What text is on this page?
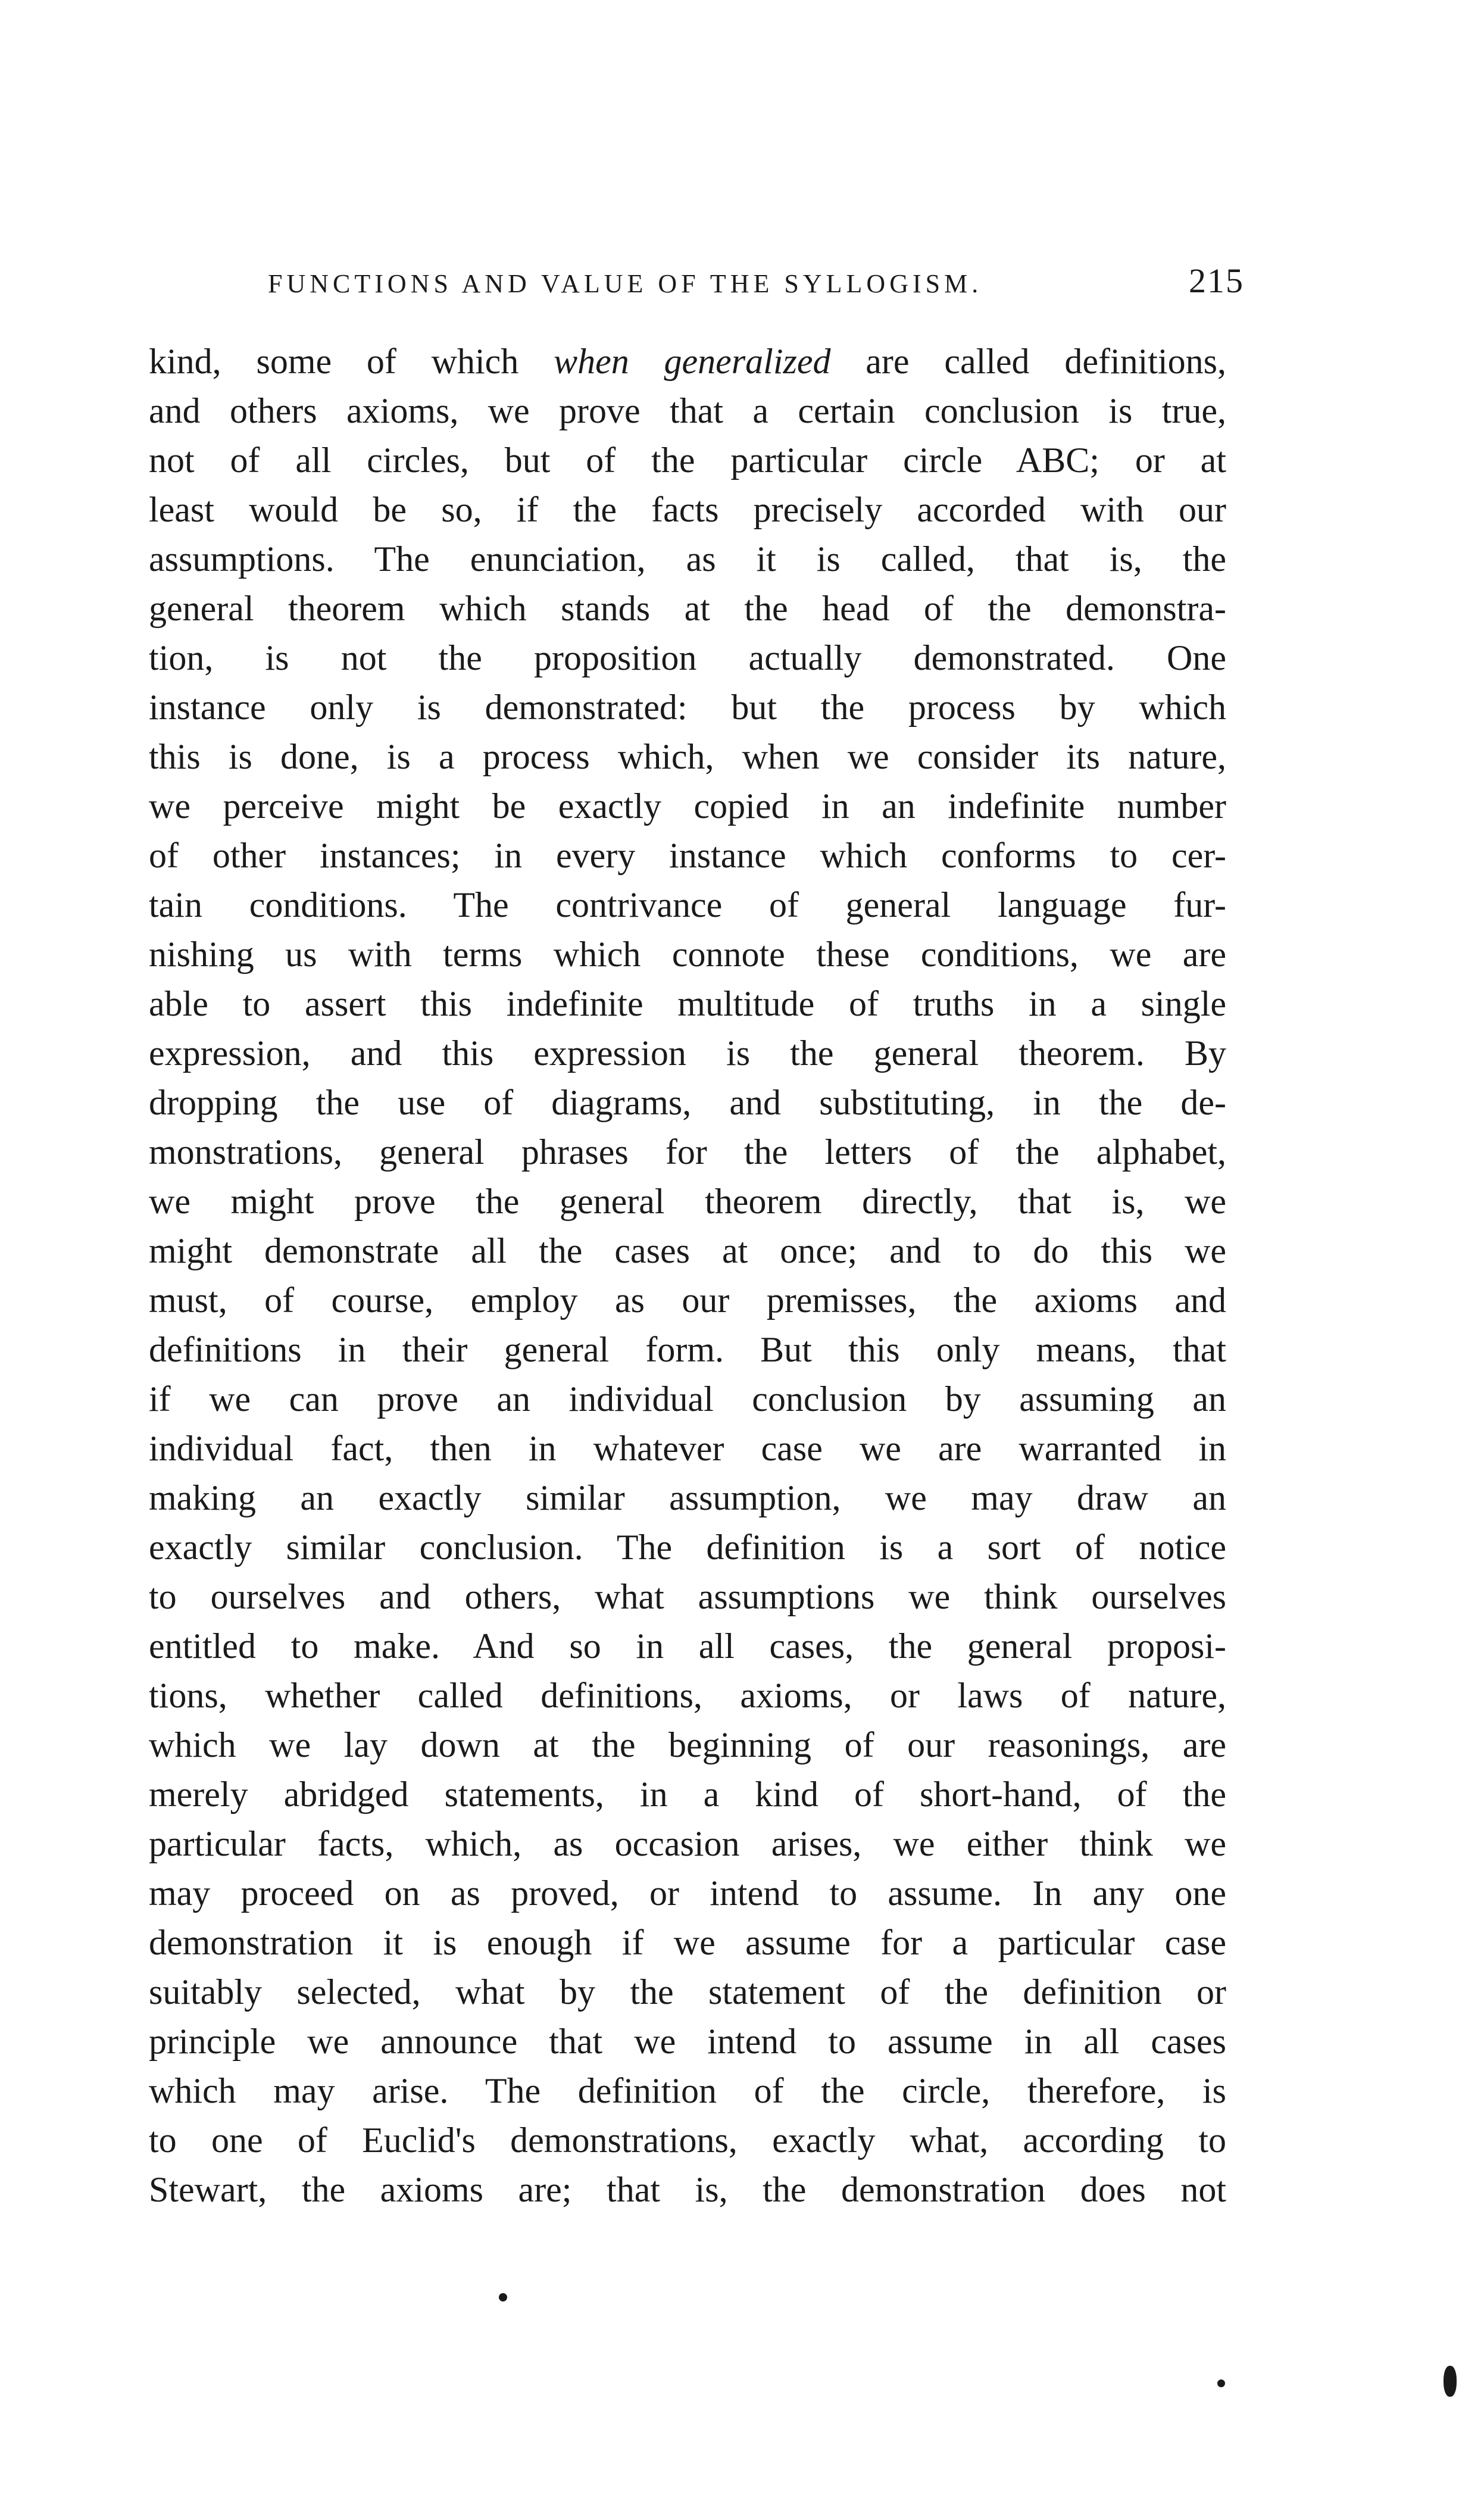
FUNCTIONS AND VALUE OF THE SYLLOGISM.	215
kind, some of which when generalized are called definitions,
and others axioms, we prove that a certain conclusion is true,
not of all circles, but of the particular circle ABC; or at
least would be so, if the facts precisely accorded with our
assumptions. The enunciation, as it is called, that is, the
general theorem which stands at the head of the demonstra-
tion, is not the proposition actually demonstrated. One
instance only is demonstrated: but the process by which
this is done, is a process which, when we consider its nature,
we perceive might be exactly copied in an indefinite number
of other instances; in every instance which conforms to cer-
tain conditions. The contrivance of general language fur-
nishing us with terms which connote these conditions, we are
able to assert this indefinite multitude of truths in a single
expression, and this expression is the general theorem. By
dropping the use of diagrams, and substituting, in the de-
monstrations, general phrases for the letters of the alphabet,
we might prove the general theorem directly, that is, we
might demonstrate all the cases at once; and to do this we
must, of course, employ as our premisses, the axioms and
definitions in their general form. But this only means, that
if we can prove an individual conclusion by assuming an
individual fact, then in whatever case we are warranted in
making an exactly similar assumption, we may draw an
exactly similar conclusion. The definition is a sort of notice
to ourselves and others, what assumptions we think ourselves
entitled to make. And so in all cases, the general proposi-
tions, whether called definitions, axioms, or laws of nature,
which we lay down at the beginning of our reasonings, are
merely abridged statements, in a kind of short-hand, of the
particular facts, which, as occasion arises, we either think we
may proceed on as proved, or intend to assume. In any one
demonstration it is enough if we assume for a particular case
suitably selected, what by the statement of the definition or
principle we announce that we intend to assume in all cases
which may arise. The definition of the circle, therefore, is
to one of Euclid's demonstrations, exactly what, according to
Stewart, the axioms are; that is, the demonstration does not
